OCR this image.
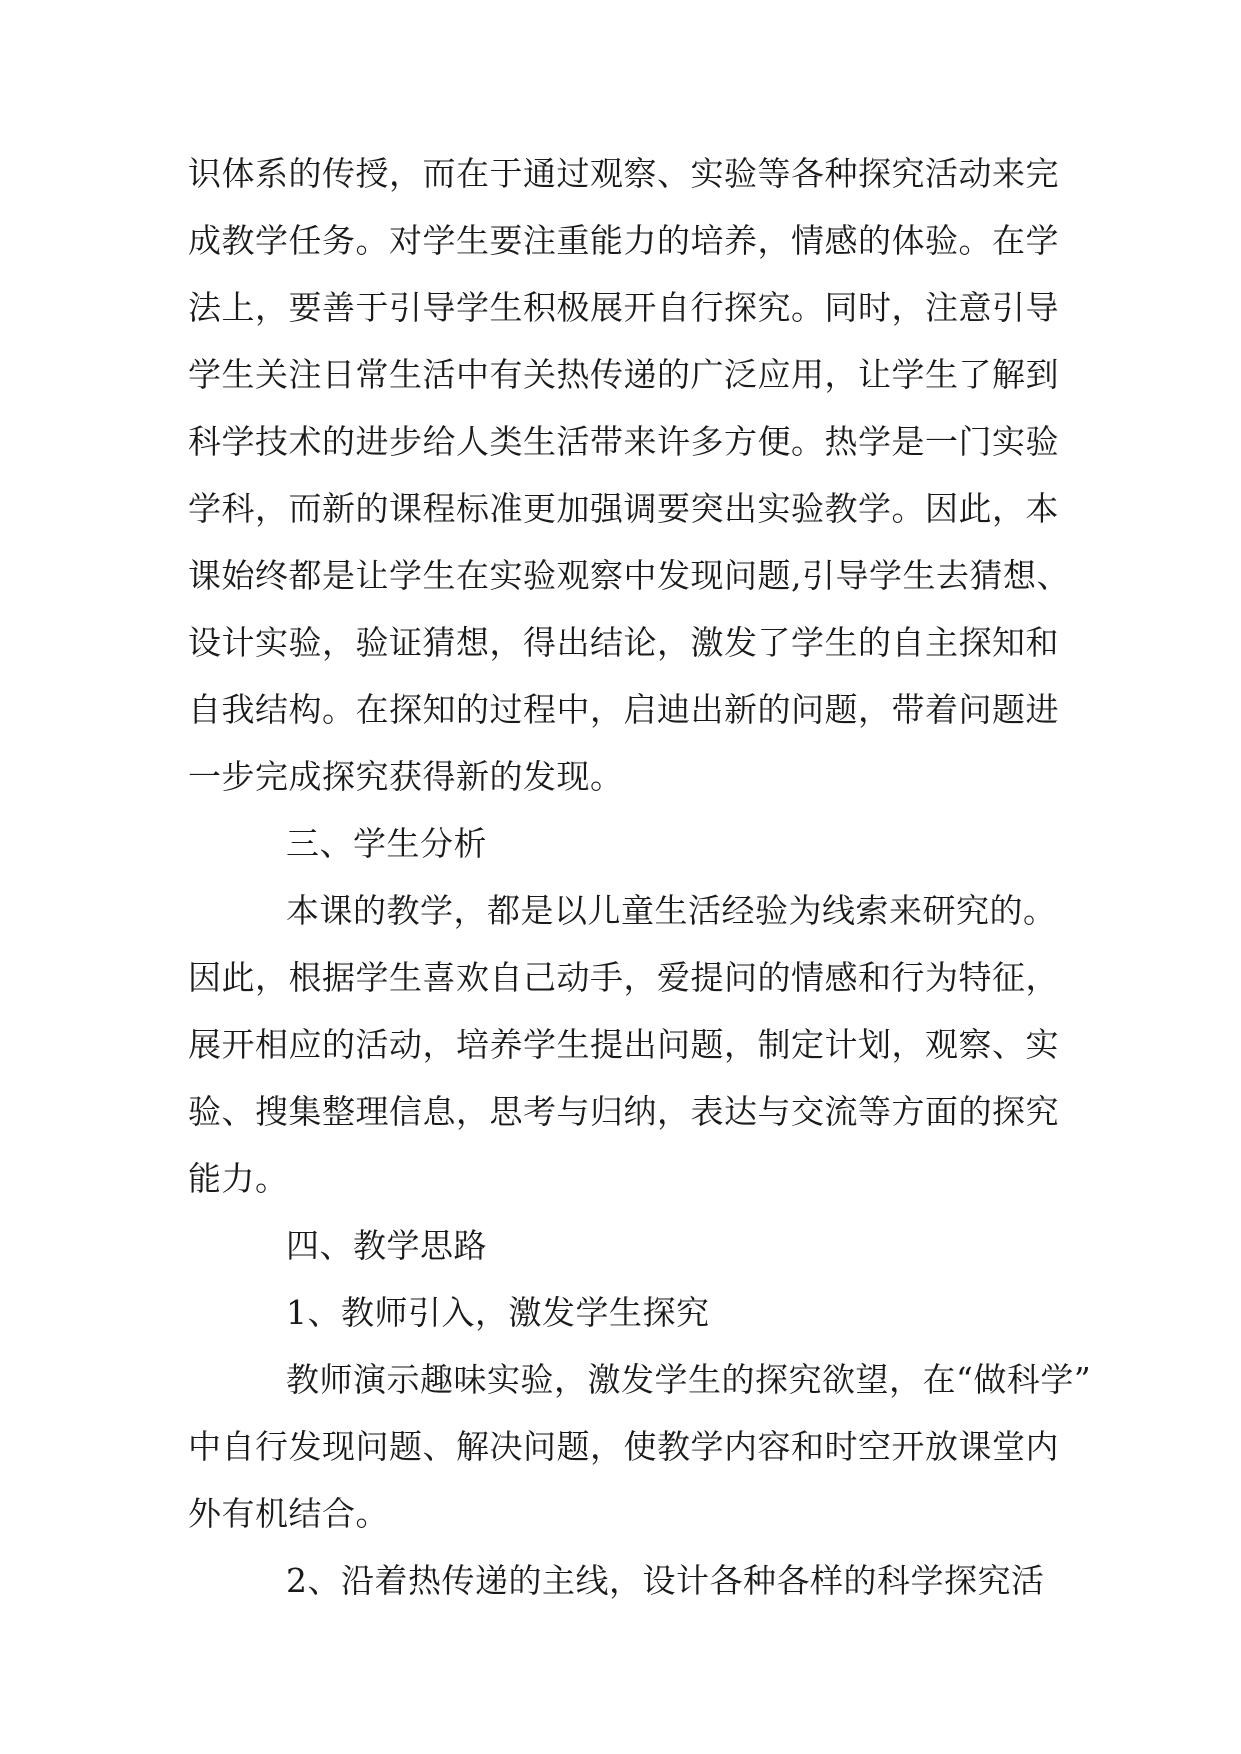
识体系的传授，而在于通过观察、实验等各种探究活动来完
成教学任务。对学生要注重能力的培养，情感的体验。在学
法上，要善于引导学生积极展开自行探究。同时，注意引导
学生关注日常生活中有关热传递的广泛应用，让学生了解到
科学技术的进步给人类生活带来许多方便。热学是一门实验
学科，而新的课程标准更加强调要突出实验教学。因此，本
课始终都是让学生在实验观察中发现问题,引导学生去猜想、
设计实验，验证猜想，得出结论，激发了学生的自主探知和
自我结构。在探知的过程中，启迪出新的问题，带着问题进
一步完成探究获得新的发现。
三、学生分析
本课的教学，都是以儿童生活经验为线索来研究的。
因此，根据学生喜欢自己动手，爱提问的情感和行为特征，
展开相应的活动，培养学生提出问题，制定计划，观察、实
验、搜集整理信息，思考与归纳，表达与交流等方面的探究
能力。
四、教学思路
1、教师引入，激发学生探究
教师演示趣味实验，激发学生的探究欲望，在“做科学”
中自行发现问题、解决问题，使教学内容和时空开放课堂内
外有机结合。
2、沿着热传递的主线，设计各种各样的科学探究活
